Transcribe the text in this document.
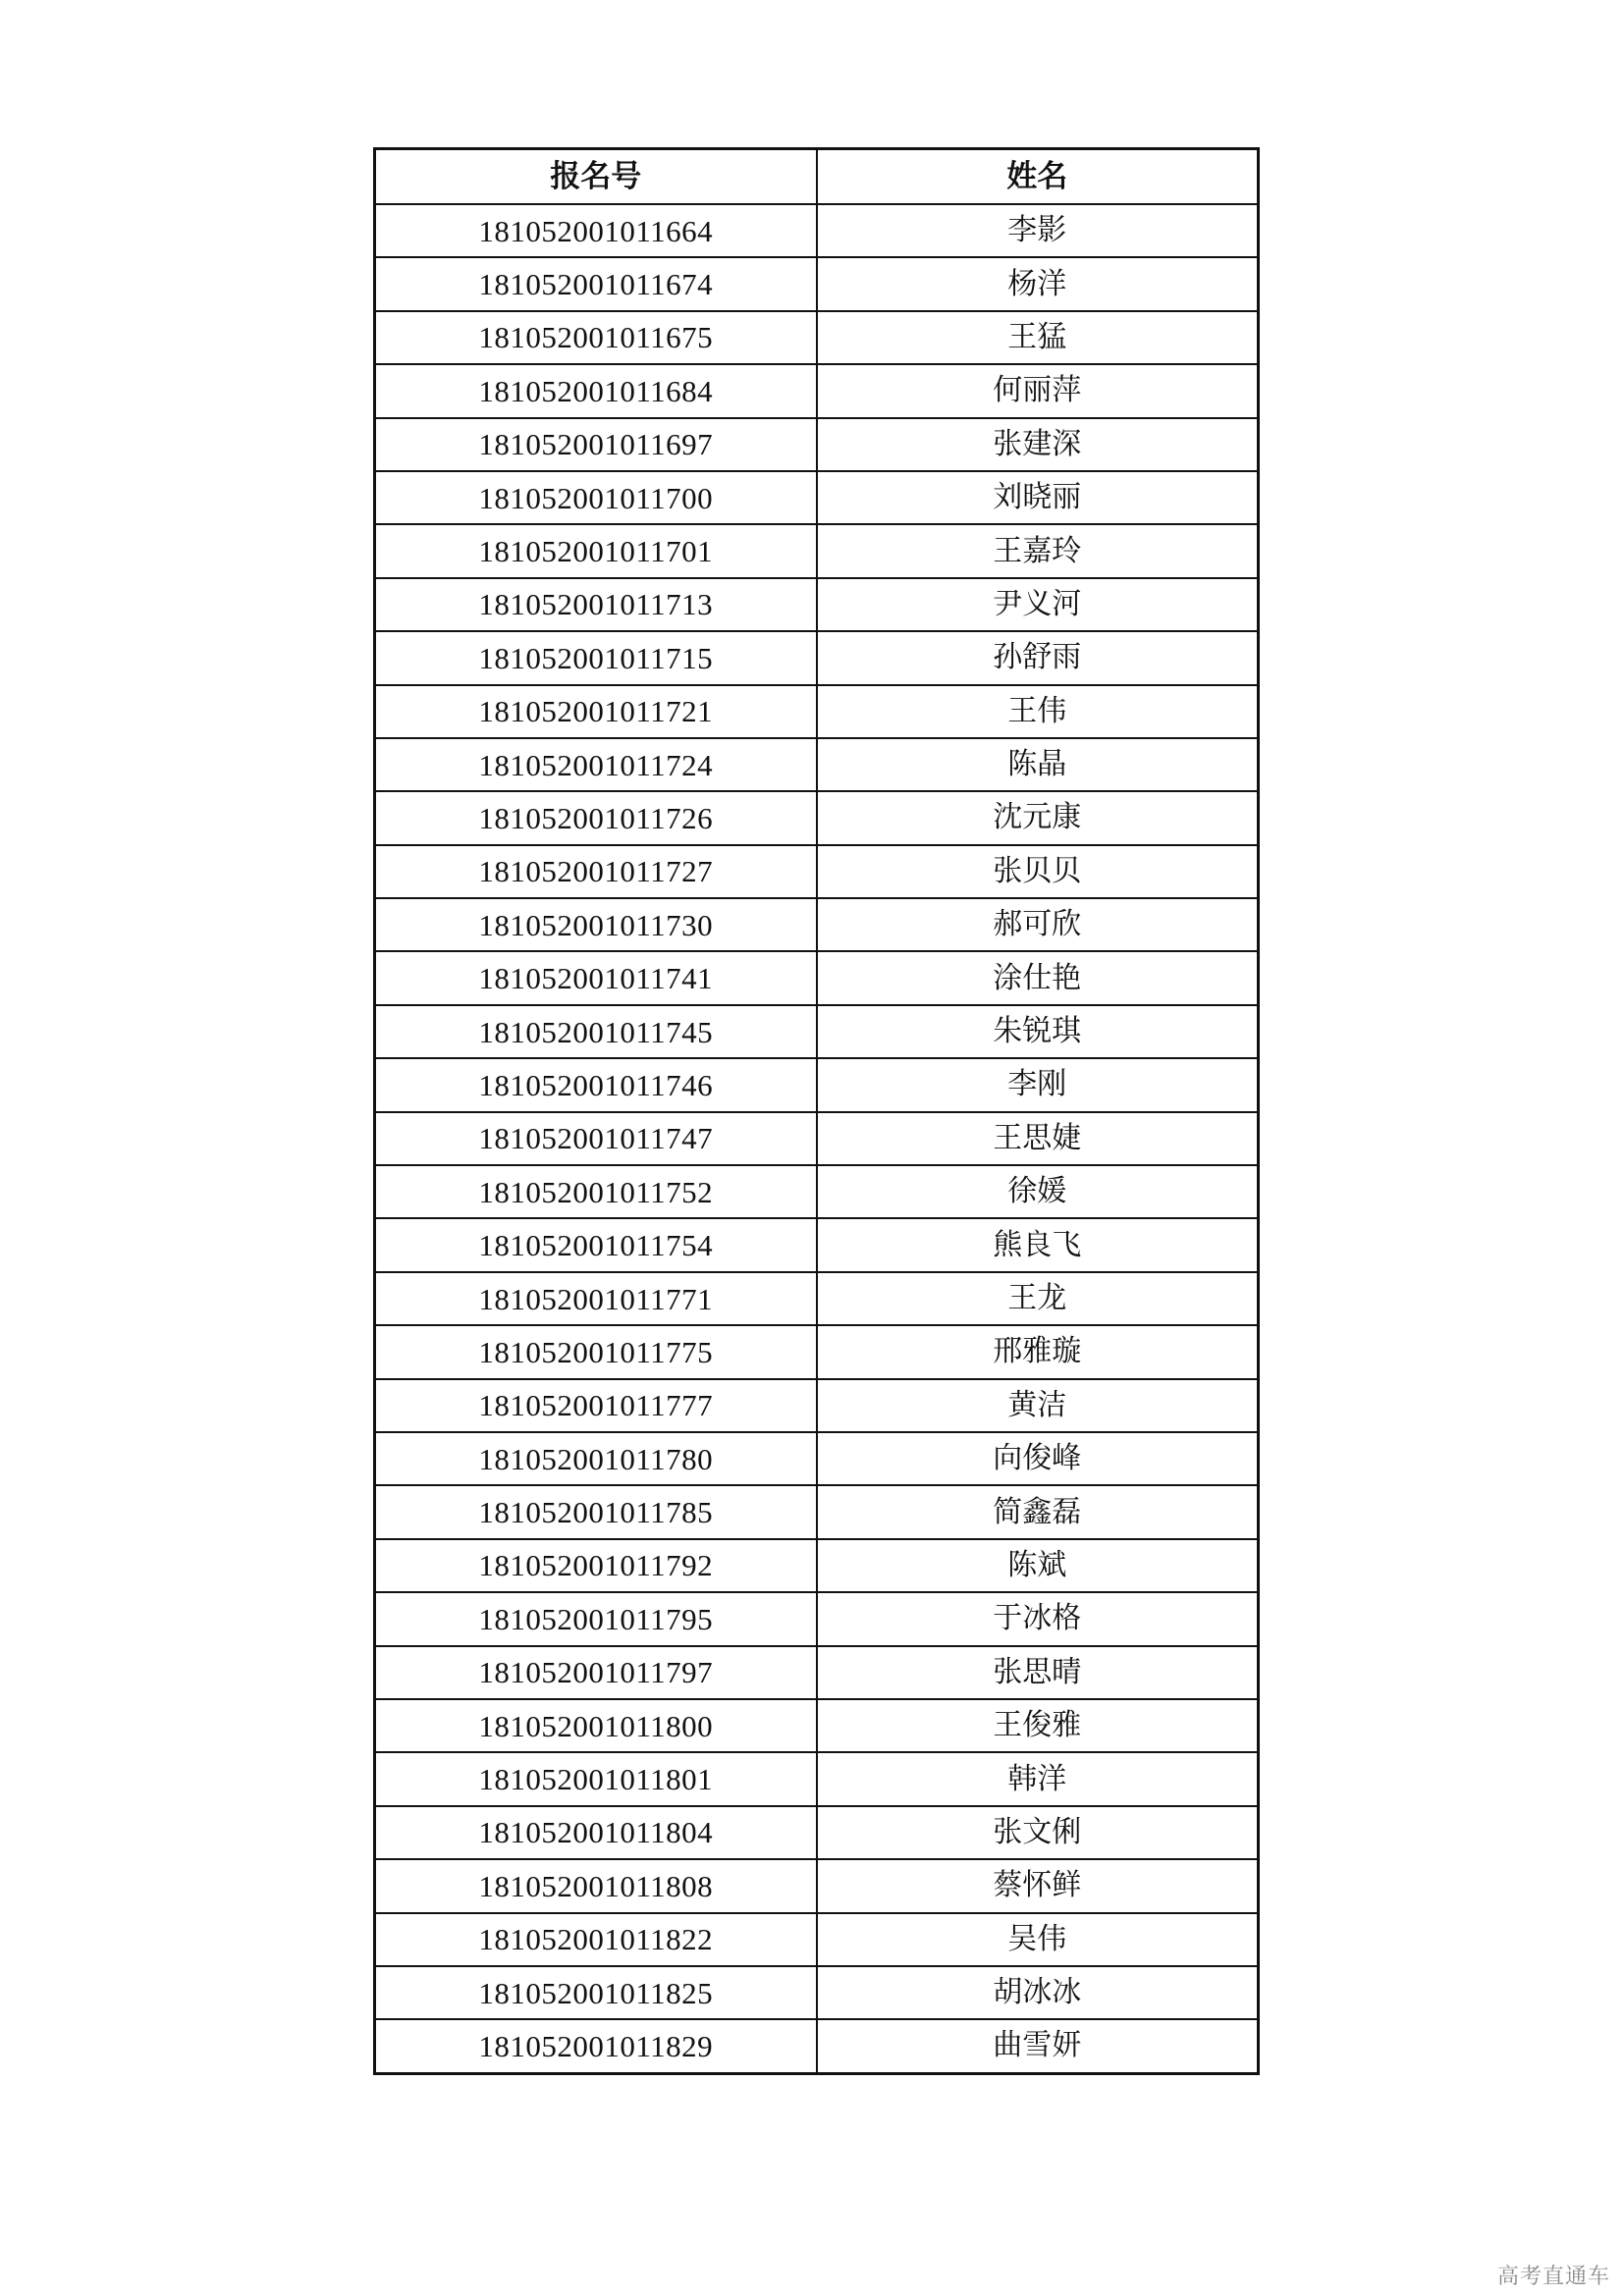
报名号	姓名
181052001011664	李影
181052001011674	杨洋
181052001011675	王猛
181052001011684	何丽萍
181052001011697	张建深
181052001011700	刘晓丽
181052001011701	王嘉玲
181052001011713	尹义河
181052001011715	孙舒雨
181052001011721	王伟
181052001011724	陈晶
181052001011726	沈元康
181052001011727	张贝贝
181052001011730	郝可欣
181052001011741	涂仕艳
181052001011745	朱锐琪
181052001011746	李刚
181052001011747	王思婕
181052001011752	徐媛
181052001011754	熊良飞
181052001011771	王龙
181052001011775	邢雅璇
181052001011777	黄洁
181052001011780	向俊峰
181052001011785	简鑫磊
181052001011792	陈斌
181052001011795	于冰格
181052001011797	张思晴
181052001011800	王俊雅
181052001011801	韩洋
181052001011804	张文俐
181052001011808	蔡怀鲜
181052001011822	吴伟
181052001011825	胡冰冰
181052001011829	曲雪妍
高考直通车
